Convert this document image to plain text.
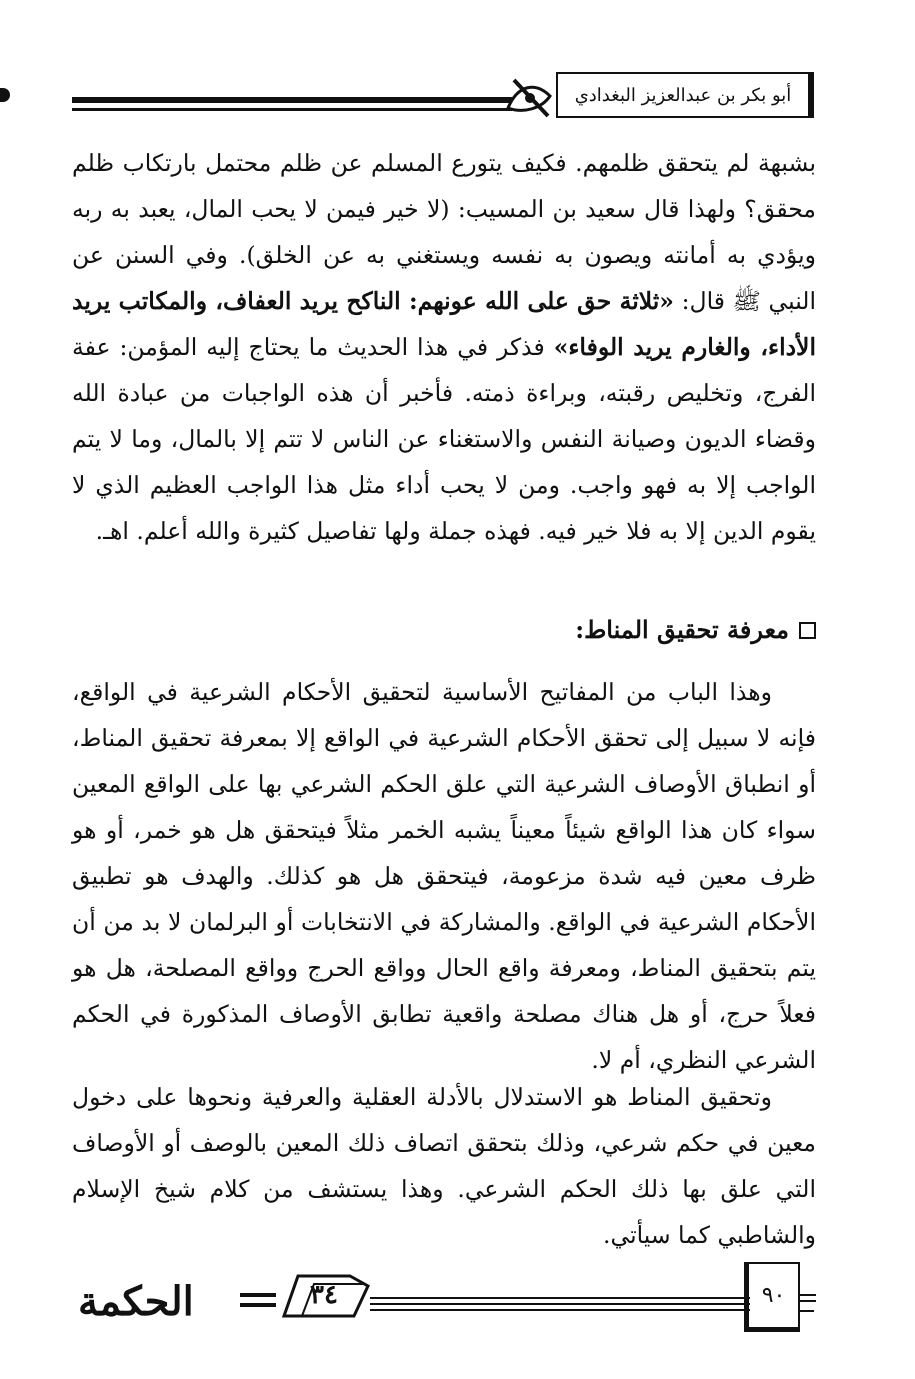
أبو بكر بن عبدالعزيز البغدادي

بشبهة لم يتحقق ظلمهم. فكيف يتورع المسلم عن ظلم محتمل بارتكاب ظلم محقق؟ ولهذا قال سعيد بن المسيب: (لا خير فيمن لا يحب المال، يعبد به ربه ويؤدي به أمانته ويصون به نفسه ويستغني به عن الخلق). وفي السنن عن النبي ﷺ قال: «ثلاثة حق على الله عونهم: الناكح يريد العفاف، والمكاتب يريد الأداء، والغارم يريد الوفاء» فذكر في هذا الحديث ما يحتاج إليه المؤمن: عفة الفرج، وتخليص رقبته، وبراءة ذمته. فأخبر أن هذه الواجبات من عبادة الله وقضاء الديون وصيانة النفس والاستغناء عن الناس لا تتم إلا بالمال، وما لا يتم الواجب إلا به فهو واجب. ومن لا يحب أداء مثل هذا الواجب العظيم الذي لا يقوم الدين إلا به فلا خير فيه. فهذه جملة ولها تفاصيل كثيرة والله أعلم. اهـ.

معرفة تحقيق المناط:

وهذا الباب من المفاتيح الأساسية لتحقيق الأحكام الشرعية في الواقع، فإنه لا سبيل إلى تحقق الأحكام الشرعية في الواقع إلا بمعرفة تحقيق المناط، أو انطباق الأوصاف الشرعية التي علق الحكم الشرعي بها على الواقع المعين سواء كان هذا الواقع شيئاً معيناً يشبه الخمر مثلاً فيتحقق هل هو خمر، أو هو ظرف معين فيه شدة مزعومة، فيتحقق هل هو كذلك. والهدف هو تطبيق الأحكام الشرعية في الواقع. والمشاركة في الانتخابات أو البرلمان لا بد من أن يتم بتحقيق المناط، ومعرفة واقع الحال وواقع الحرج وواقع المصلحة، هل هو فعلاً حرج، أو هل هناك مصلحة واقعية تطابق الأوصاف المذكورة في الحكم الشرعي النظري، أم لا.

وتحقيق المناط هو الاستدلال بالأدلة العقلية والعرفية ونحوها على دخول معين في حكم شرعي، وذلك بتحقق اتصاف ذلك المعين بالوصف أو الأوصاف التي علق بها ذلك الحكم الشرعي. وهذا يستشف من كلام شيخ الإسلام والشاطبي كما سيأتي.

الحكمة	٣٤	٩٠
